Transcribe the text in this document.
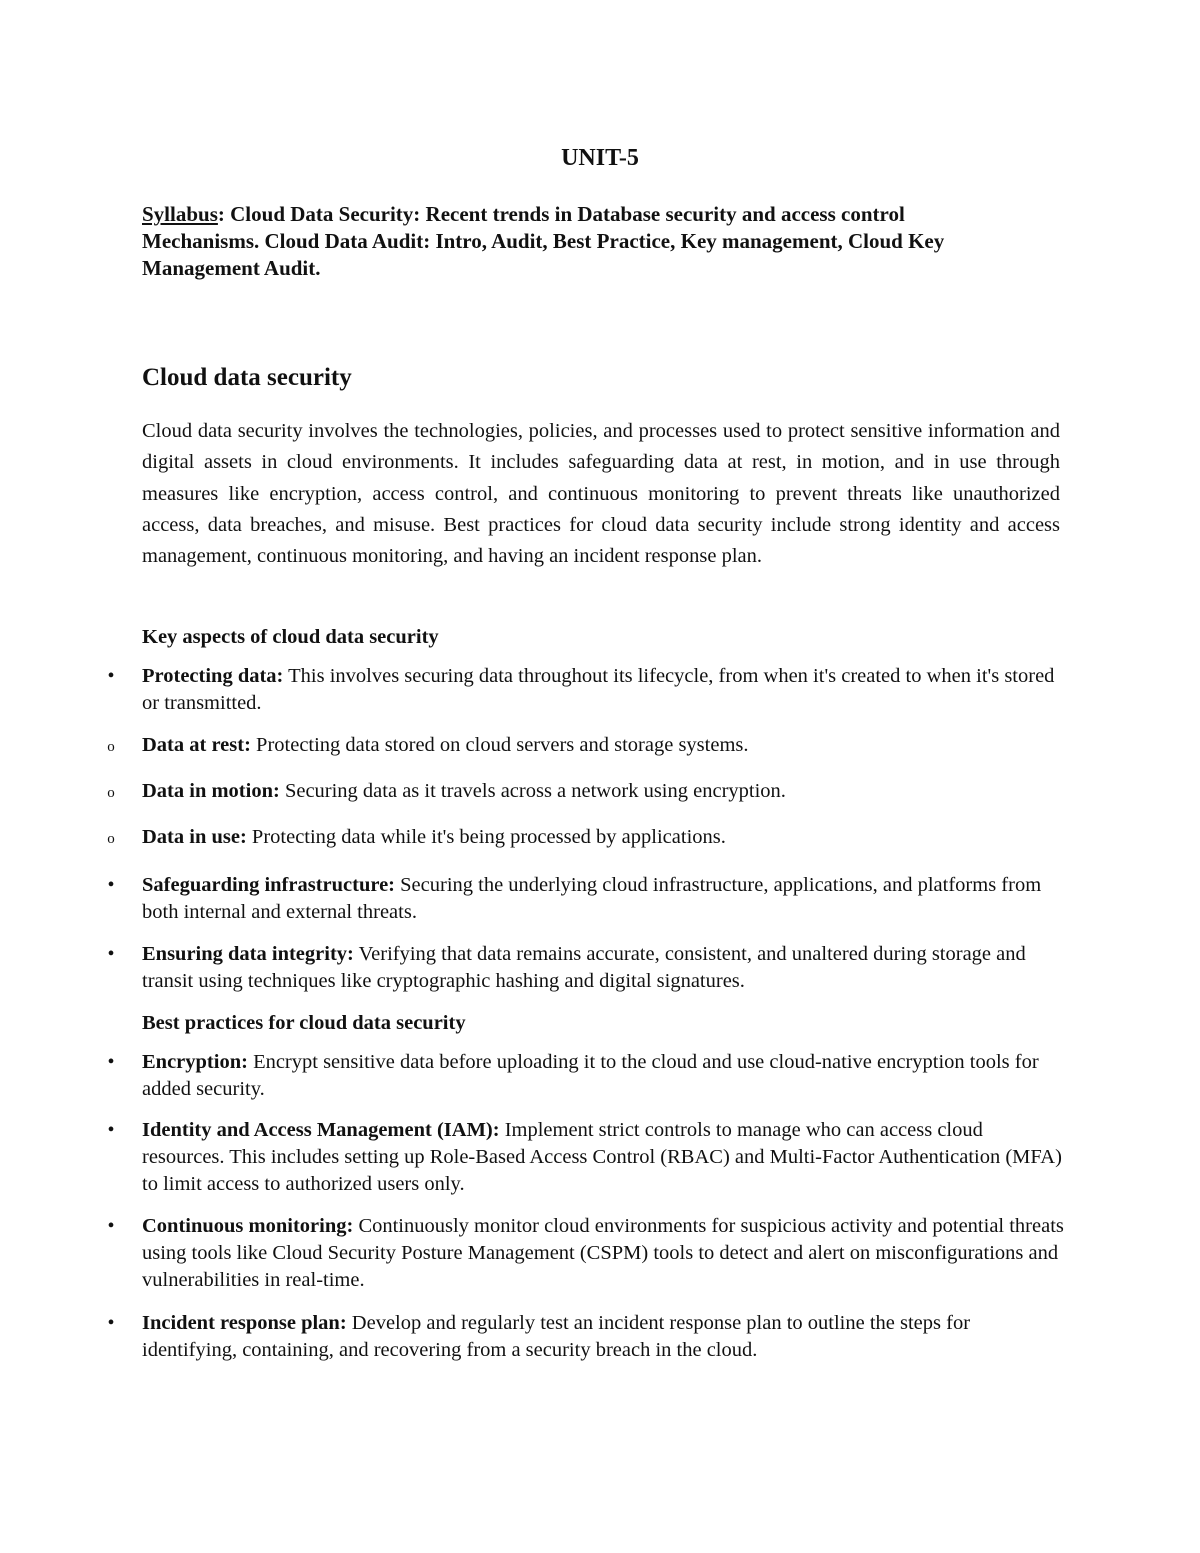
UNIT-5
Syllabus: Cloud Data Security: Recent trends in Database security and access control Mechanisms. Cloud Data Audit: Intro, Audit, Best Practice, Key management, Cloud Key Management Audit.
Cloud data security

Cloud data security involves the technologies, policies, and processes used to protect sensitive information and digital assets in cloud environments. It includes safeguarding data at rest, in motion, and in use through measures like encryption, access control, and continuous monitoring to prevent threats like unauthorized access, data breaches, and misuse. Best practices for cloud data security include strong identity and access management, continuous monitoring, and having an incident response plan.

Key aspects of cloud data security
• Protecting data: This involves securing data throughout its lifecycle, from when it's created to when it's stored or transmitted.
o Data at rest: Protecting data stored on cloud servers and storage systems.
o Data in motion: Securing data as it travels across a network using encryption.
o Data in use: Protecting data while it's being processed by applications.
• Safeguarding infrastructure: Securing the underlying cloud infrastructure, applications, and platforms from both internal and external threats.
• Ensuring data integrity: Verifying that data remains accurate, consistent, and unaltered during storage and transit using techniques like cryptographic hashing and digital signatures.
Best practices for cloud data security
• Encryption: Encrypt sensitive data before uploading it to the cloud and use cloud-native encryption tools for added security.
• Identity and Access Management (IAM): Implement strict controls to manage who can access cloud resources. This includes setting up Role-Based Access Control (RBAC) and Multi-Factor Authentication (MFA) to limit access to authorized users only.
• Continuous monitoring: Continuously monitor cloud environments for suspicious activity and potential threats using tools like Cloud Security Posture Management (CSPM) tools to detect and alert on misconfigurations and vulnerabilities in real-time.
• Incident response plan: Develop and regularly test an incident response plan to outline the steps for identifying, containing, and recovering from a security breach in the cloud.
